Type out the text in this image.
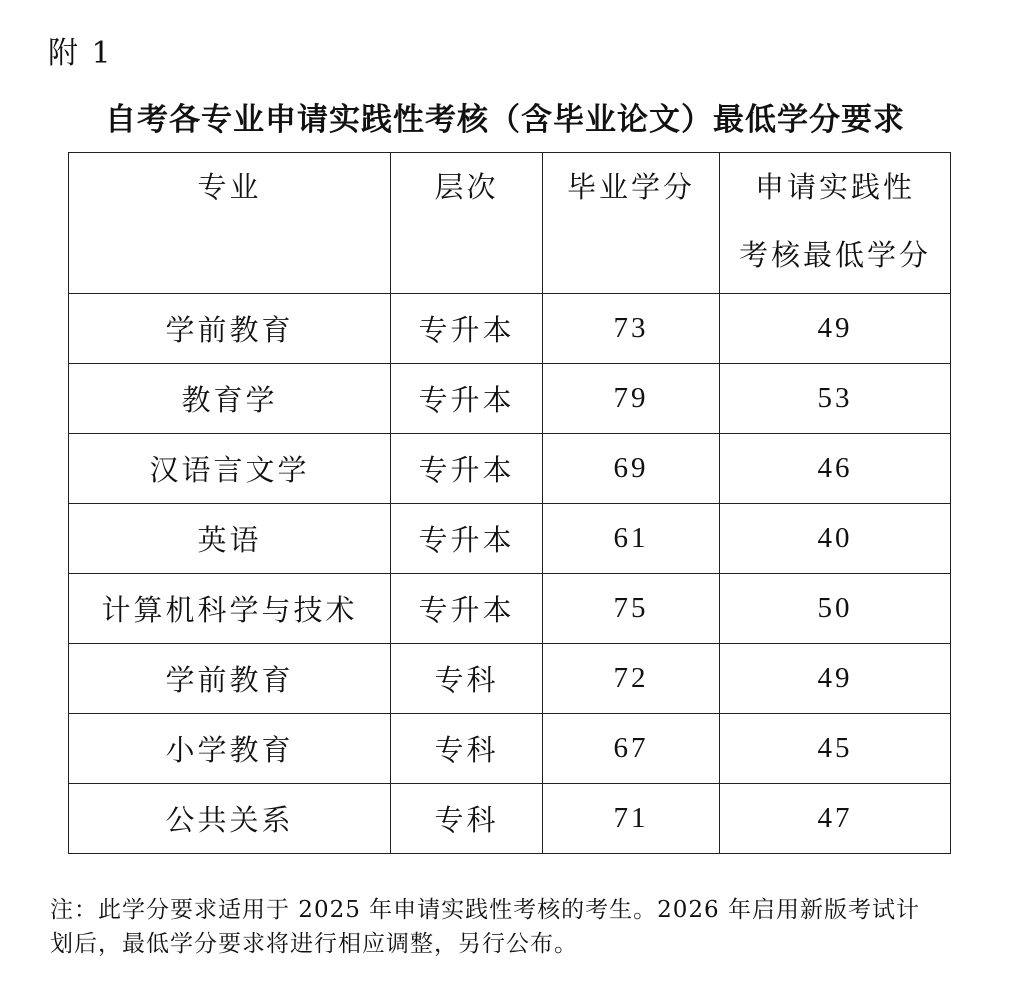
附 1
自考各专业申请实践性考核（含毕业论文）最低学分要求
专业	层次	毕业学分	申请实践性
考核最低学分

学前教育	专升本	73	49
教育学	专升本	79	53
汉语言文学	专升本	69	46
英语	专升本	61	40
计算机科学与技术	专升本	75	50
学前教育	专科	72	49
小学教育	专科	67	45
公共关系	专科	71	47
注：此学分要求适用于 2025 年申请实践性考核的考生。2026 年启用新版考试计
划后，最低学分要求将进行相应调整，另行公布。
